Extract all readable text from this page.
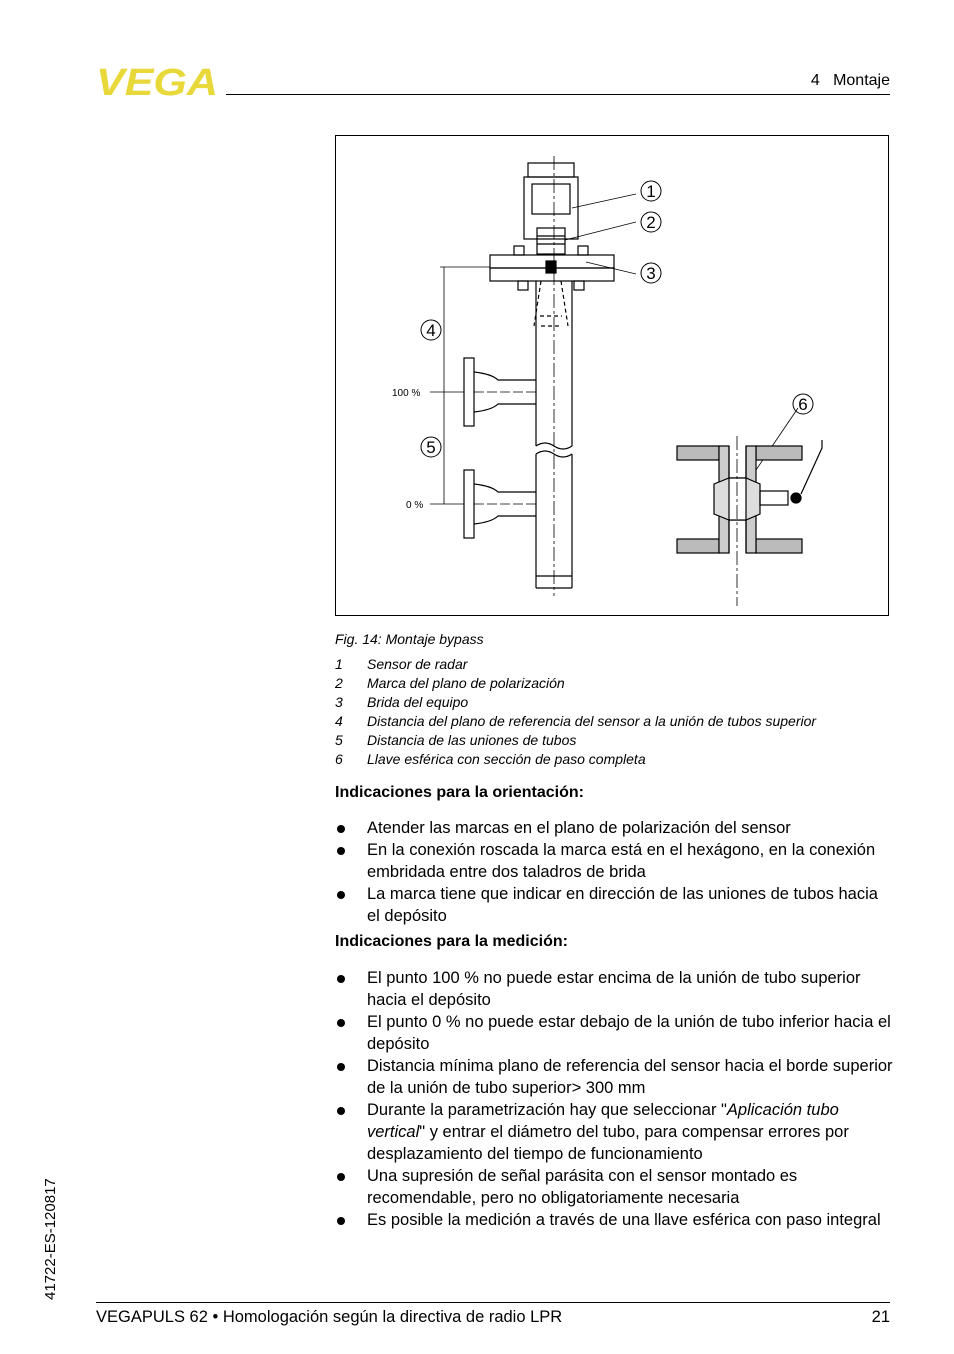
VEGA	4   Montaje
1
2
3
4
5
6
100 %
0 %
Fig. 14: Montaje bypass
1	Sensor de radar
2	Marca del plano de polarización
3	Brida del equipo
4	Distancia del plano de referencia del sensor a la unión de tubos superior
5	Distancia de las uniones de tubos
6	Llave esférica con sección de paso completa
Indicaciones para la orientación:
Atender las marcas en el plano de polarización del sensor
En la conexión roscada la marca está en el hexágono, en la conexión embridada entre dos taladros de brida
La marca tiene que indicar en dirección de las uniones de tubos hacia el depósito
Indicaciones para la medición:
El punto 100 % no puede estar encima de la unión de tubo superior hacia el depósito
El punto 0 % no puede estar debajo de la unión de tubo inferior hacia el depósito
Distancia mínima plano de referencia del sensor hacia el borde superior de la unión de tubo superior> 300 mm
Durante la parametrización hay que seleccionar "Aplicación tubo vertical" y entrar el diámetro del tubo, para compensar errores por desplazamiento del tiempo de funcionamiento
Una supresión de señal parásita con el sensor montado es recomendable, pero no obligatoriamente necesaria
Es posible la medición a través de una llave esférica con paso integral
41722-ES-120817
VEGAPULS 62 • Homologación según la directiva de radio LPR	21
